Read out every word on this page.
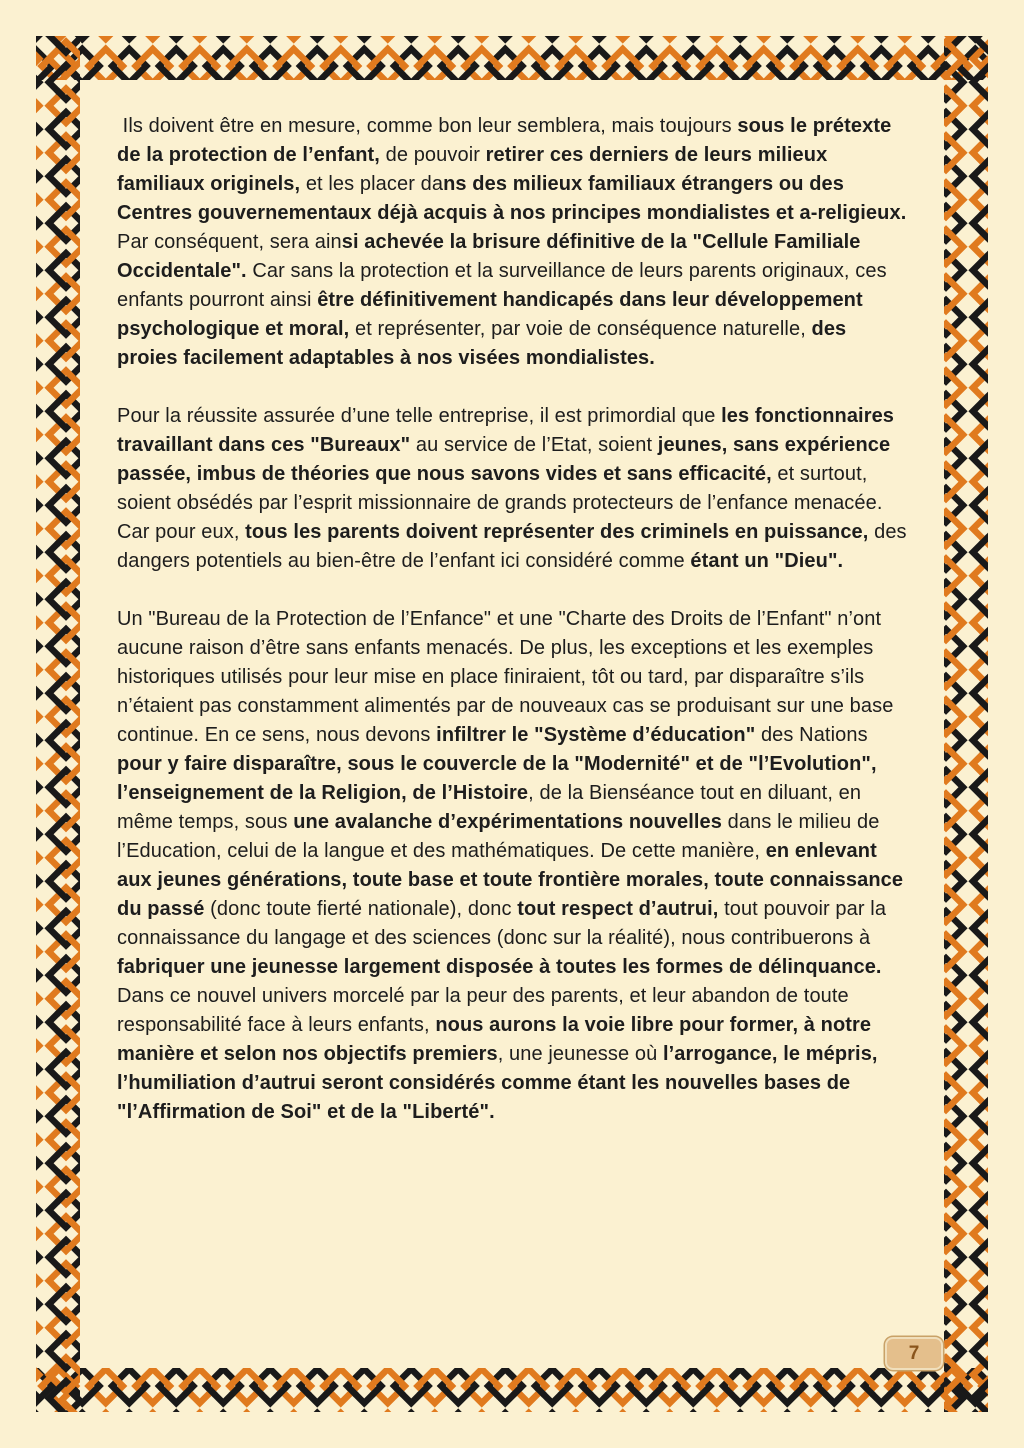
Ils doivent être en mesure, comme bon leur semblera, mais toujours sous le prétexte de la protection de l’enfant, de pouvoir retirer ces derniers de leurs milieux familiaux originels, et les placer dans des milieux familiaux étrangers ou des Centres gouvernementaux déjà acquis à nos principes mondialistes et a-religieux. Par conséquent, sera ainsi achevée la brisure définitive de la "Cellule Familiale Occidentale". Car sans la protection et la surveillance de leurs parents originaux, ces enfants pourront ainsi être définitivement handicapés dans leur développement psychologique et moral, et représenter, par voie de conséquence naturelle, des proies facilement adaptables à nos visées mondialistes.

Pour la réussite assurée d’une telle entreprise, il est primordial que les fonctionnaires travaillant dans ces "Bureaux" au service de l’Etat, soient jeunes, sans expérience passée, imbus de théories que nous savons vides et sans efficacité, et surtout, soient obsédés par l’esprit missionnaire de grands protecteurs de l’enfance menacée. Car pour eux, tous les parents doivent représenter des criminels en puissance, des dangers potentiels au bien-être de l’enfant ici considéré comme étant un "Dieu".

Un "Bureau de la Protection de l’Enfance" et une "Charte des Droits de l’Enfant" n’ont aucune raison d’être sans enfants menacés. De plus, les exceptions et les exemples historiques utilisés pour leur mise en place finiraient, tôt ou tard, par disparaître s’ils n’étaient pas constamment alimentés par de nouveaux cas se produisant sur une base continue. En ce sens, nous devons infiltrer le "Système d’éducation" des Nations pour y faire disparaître, sous le couvercle de la "Modernité" et de "l’Evolution", l’enseignement de la Religion, de l’Histoire, de la Bienséance tout en diluant, en même temps, sous une avalanche d’expérimentations nouvelles dans le milieu de l’Education, celui de la langue et des mathématiques. De cette manière, en enlevant aux jeunes générations, toute base et toute frontière morales, toute connaissance du passé (donc toute fierté nationale), donc tout respect d’autrui, tout pouvoir par la connaissance du langage et des sciences (donc sur la réalité), nous contribuerons à fabriquer une jeunesse largement disposée à toutes les formes de délinquance. Dans ce nouvel univers morcelé par la peur des parents, et leur abandon de toute responsabilité face à leurs enfants, nous aurons la voie libre pour former, à notre manière et selon nos objectifs premiers, une jeunesse où l’arrogance, le mépris, l’humiliation d’autrui seront considérés comme étant les nouvelles bases de "l’Affirmation de Soi" et de la "Liberté".

7
